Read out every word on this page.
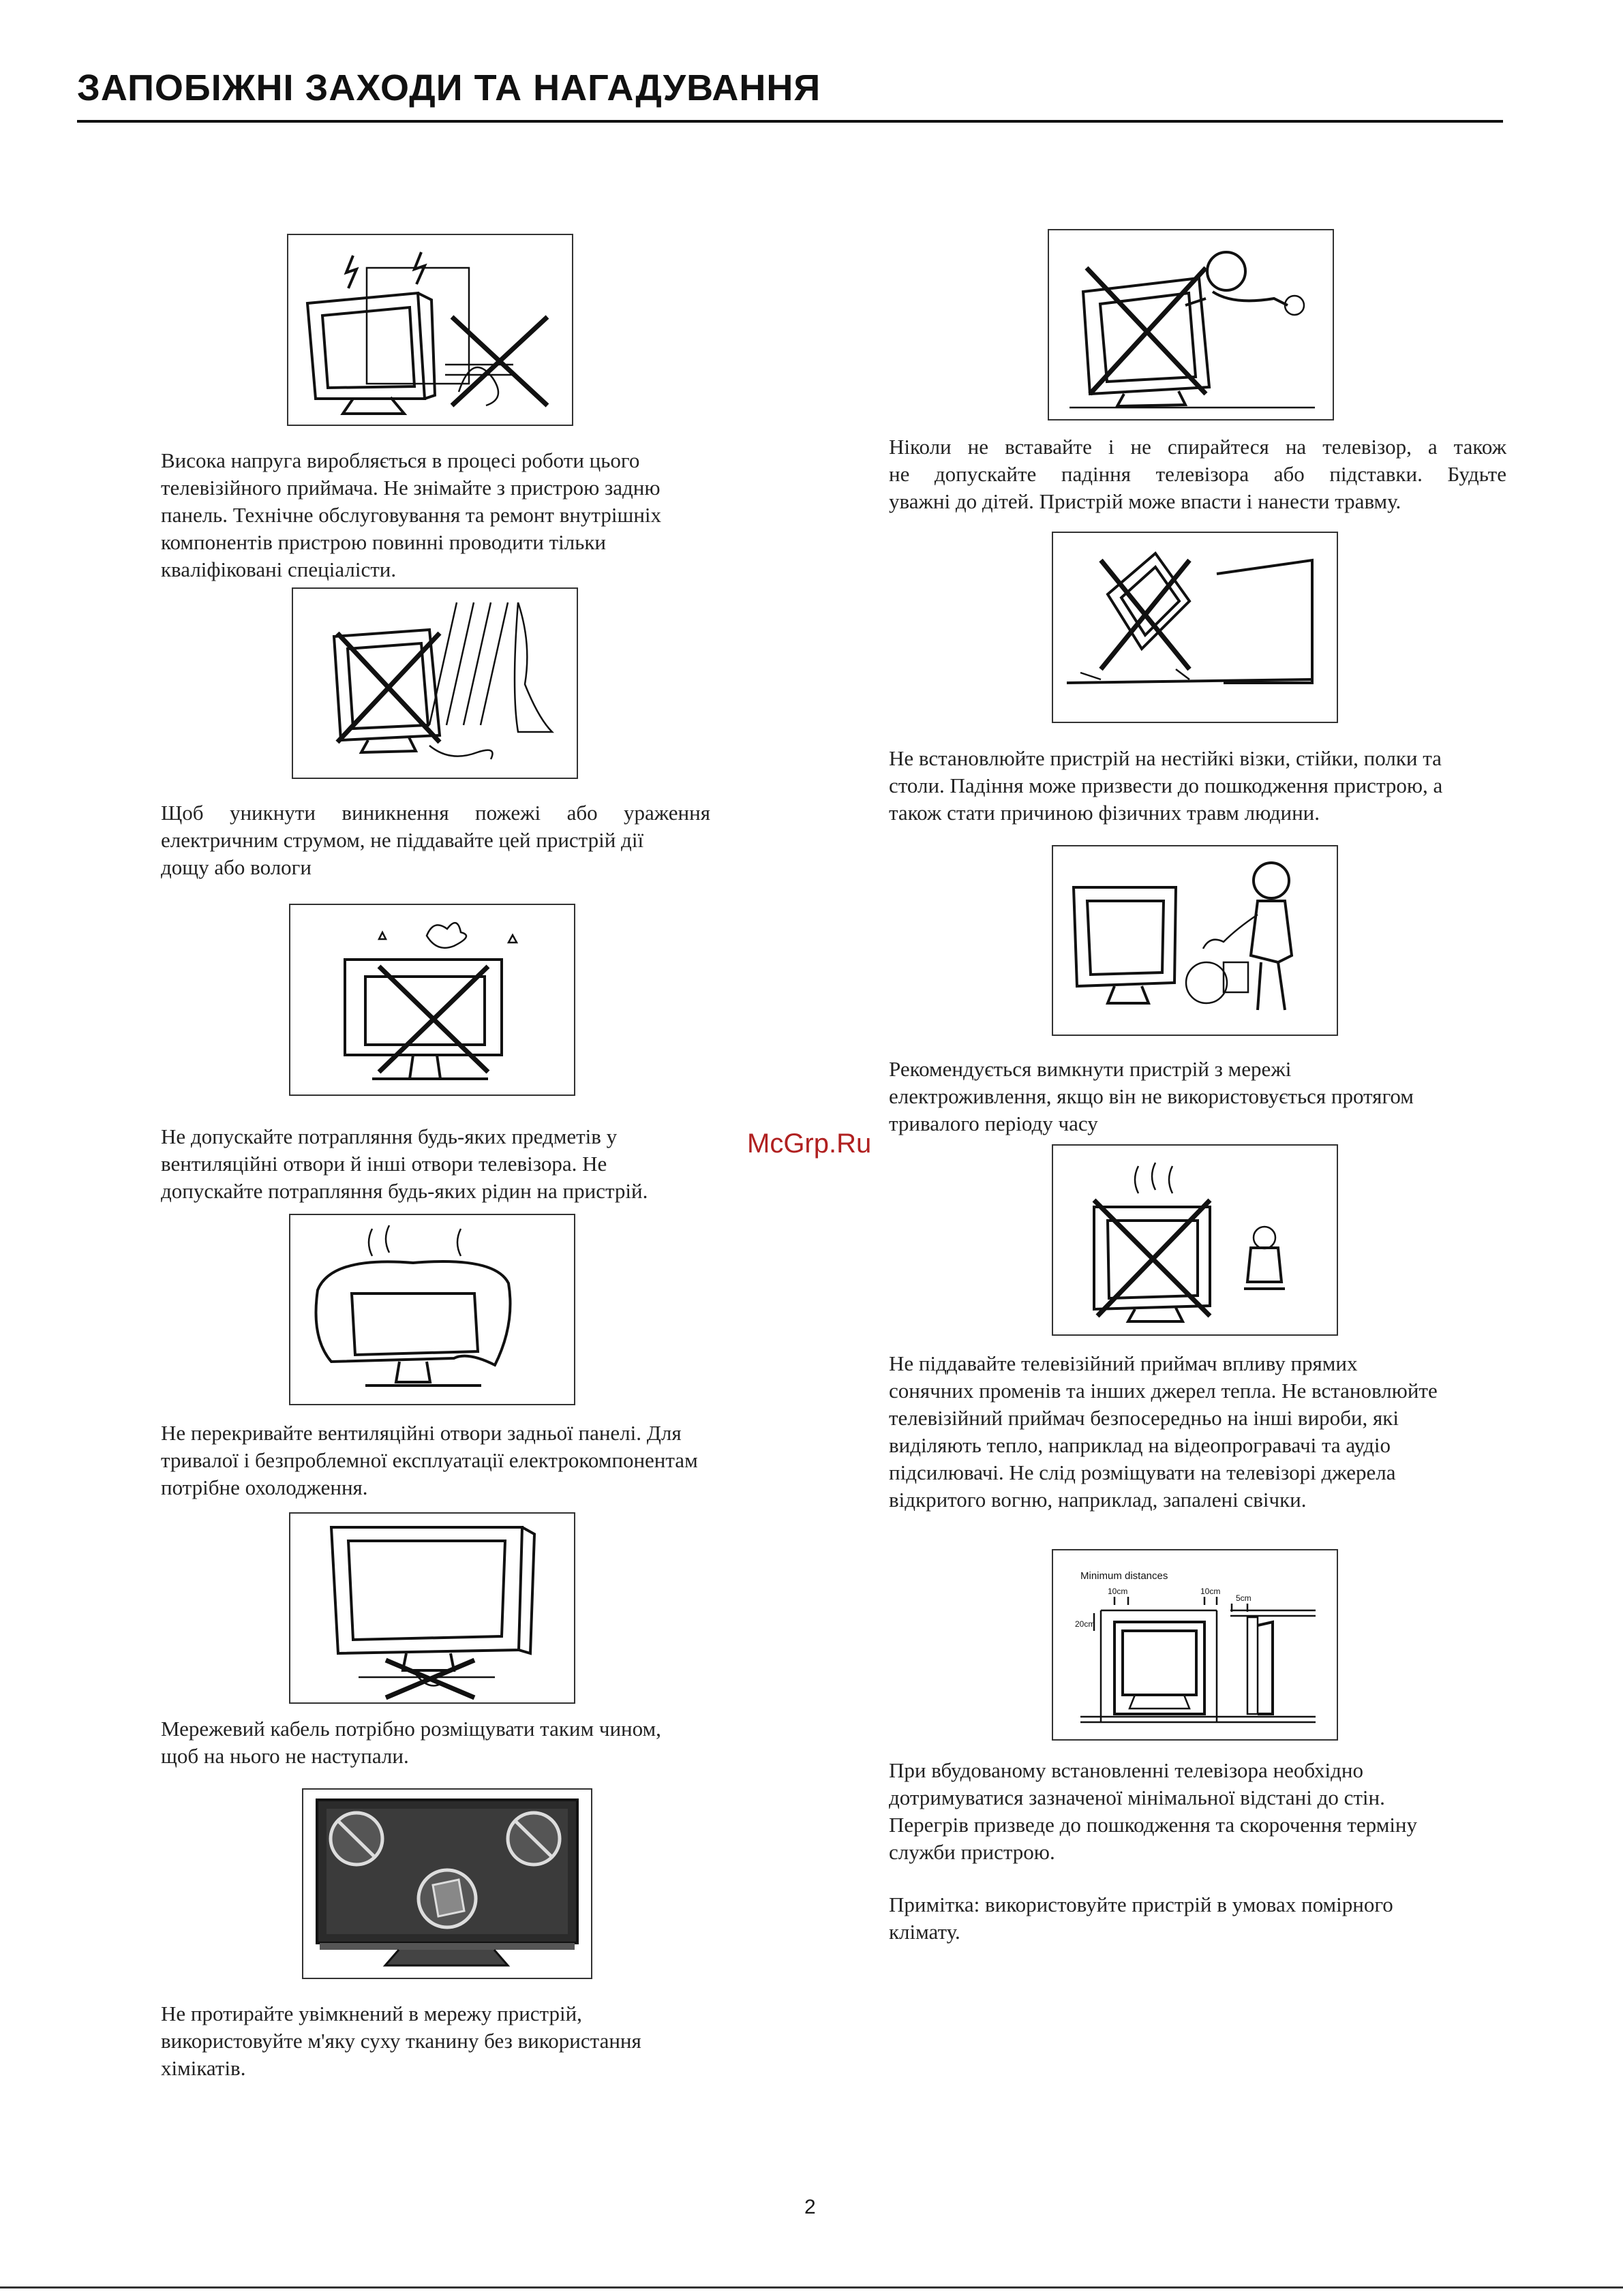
ЗАПОБІЖНІ ЗАХОДИ ТА НАГАДУВАННЯ

Висока напруга виробляється в процесі роботи цього

телевізійного приймача. Не знімайте з пристрою задню

панель. Технічне обслуговування та ремонт внутрішніх

компонентів пристрою повинні проводити тільки

кваліфіковані спеціалісти.

Щоб уникнути виникнення пожежі або ураження

електричним струмом, не піддавайте цей пристрій дії

дощу або вологи

Не допускайте потрапляння будь-яких предметів у

вентиляційні отвори й інші отвори телевізора. Не

допускайте потрапляння будь-яких рідин на пристрій.

Не перекривайте вентиляційні отвори задньої панелі. Для

тривалої і безпроблемної експлуатації електрокомпонентам

потрібне охолодження.

Мережевий кабель потрібно розміщувати таким чином,

щоб на нього не наступали.

Не протирайте увімкнений в мережу пристрій,

використовуйте м'яку суху тканину без використання

хімікатів.

Ніколи не вставайте і не спирайтеся на телевізор, а також

не допускайте падіння телевізора або підставки. Будьте

уважні до дітей. Пристрій може впасти і нанести травму.

Не встановлюйте пристрій на нестійкі візки, стійки, полки та

столи. Падіння може призвести до пошкодження пристрою, а

також стати причиною фізичних травм людини.

Рекомендується вимкнути пристрій з мережі

електроживлення, якщо він не використовується протягом

тривалого періоду часу

Не піддавайте телевізійний приймач впливу прямих

сонячних променів та інших джерел тепла. Не встановлюйте

телевізійний приймач безпосередньо на інші вироби, які

виділяють тепло, наприклад на відеопрогравачі та аудіо

підсилювачі. Не слід розміщувати на телевізорі джерела

відкритого вогню, наприклад, запалені свічки.

Minimum distances
10cm	10cm
5cm
20cm

При вбудованому встановленні телевізора необхідно

дотримуватися зазначеної мінімальної відстані до стін.

Перегрів призведе до пошкодження та скорочення терміну

служби пристрою.

Примітка: використовуйте пристрій в умовах помірного

клімату.

McGrp.Ru
2
